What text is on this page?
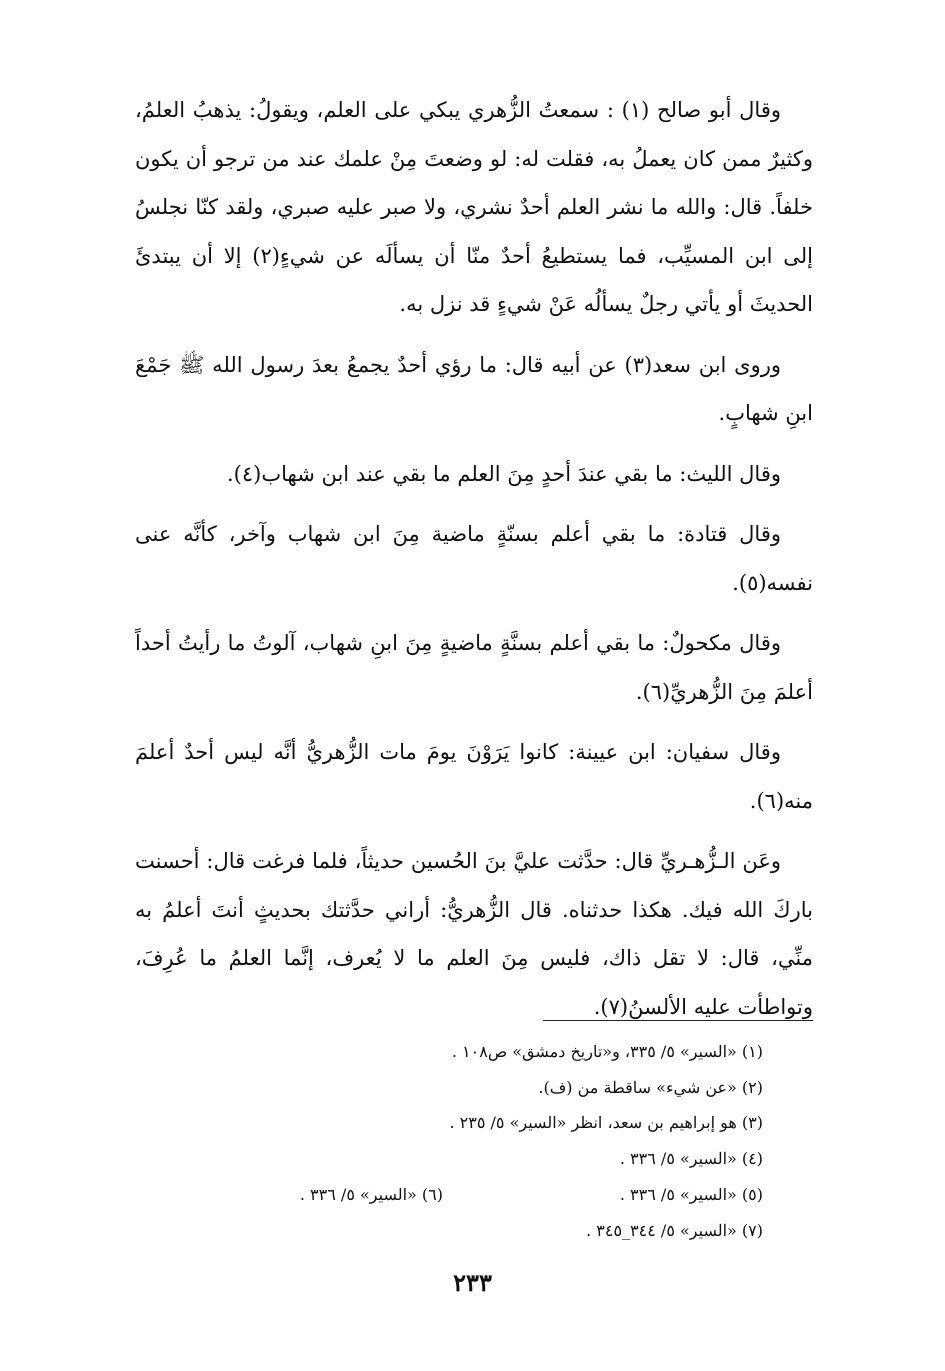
وقال أبو صالح (١) : سمعتُ الزُّهري يبكي على العلم، ويقولُ: يذهبُ العلمُ، وكثيرٌ ممن كان يعملُ به، فقلت له: لو وضعتَ مِنْ علمك عند من ترجو أن يكون خلفاً. قال: والله ما نشر العلم أحدٌ نشري، ولا صبر عليه صبري، ولقد كنّا نجلسُ إلى ابن المسيِّب، فما يستطيعُ أحدٌ منّا أن يسألَه عن شيءٍ(٢) إلا أن يبتدئَ الحديثَ أو يأتي رجلٌ يسألُه عَنْ شيءٍ قد نزل به.

وروى ابن سعد(٣) عن أبيه قال: ما رؤي أحدٌ يجمعُ بعدَ رسول الله ﷺ جَمْعَ ابنِ شهابٍ.

وقال الليث: ما بقي عندَ أحدٍ مِنَ العلم ما بقي عند ابن شهاب(٤).

وقال قتادة: ما بقي أعلم بسنّةٍ ماضية مِنَ ابن شهاب وآخر، كأنَّه عنى نفسه(٥).

وقال مكحولٌ: ما بقي أعلم بسنَّةٍ ماضيةٍ مِنَ ابنِ شهاب، آلوتُ ما رأيتُ أحداً أعلمَ مِنَ الزُّهريِّ(٦).

وقال سفيان: ابن عيينة: كانوا يَرَوْنَ يومَ مات الزُّهريُّ أنَّه ليس أحدٌ أعلمَ منه(٦).

وعَن الـزُّهـريِّ قال: حدَّثت عليَّ بنَ الحُسين حديثاً، فلما فرغت قال: أحسنت باركَ الله فيك. هكذا حدثناه. قال الزُّهريُّ: أراني حدَّثتك بحديثٍ أنتَ أعلمُ به منِّي، قال: لا تقل ذاك، فليس مِنَ العلم ما لا يُعرف، إنَّما العلمُ ما عُرِفَ، وتواطأت عليه الألسنُ(٧).

(١) «السير» ٥/ ٣٣٥، و«تاريخ دمشق» ص١٠٨ .
(٢) «عن شيء» ساقطة من (ف).
(٣) هو إبراهيم بن سعد، انظر «السير» ٥/ ٢٣٥ .
(٤) «السير» ٥/ ٣٣٦ .
(٥) «السير» ٥/ ٣٣٦ .
(٦) «السير» ٥/ ٣٣٦ .
(٧) «السير» ٥/ ٣٤٤_٣٤٥ .
٢٣٣
